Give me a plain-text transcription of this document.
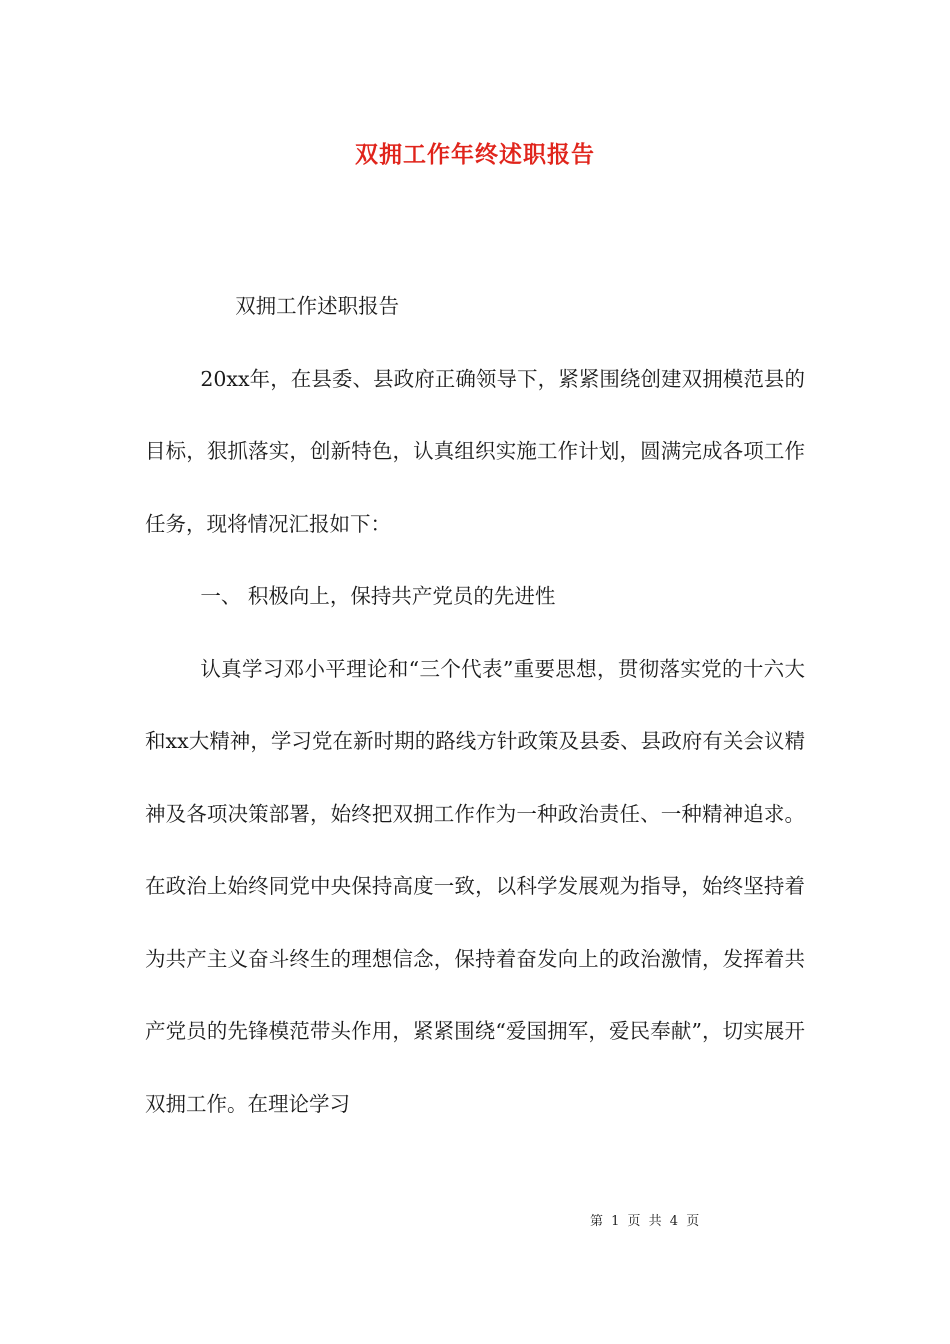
双拥工作年终述职报告

双拥工作述职报告

20xx年，在县委、县政府正确领导下，紧紧围绕创建双拥模范县的目标，狠抓落实，创新特色，认真组织实施工作计划，圆满完成各项工作任务，现将情况汇报如下：

一、 积极向上，保持共产党员的先进性

认真学习邓小平理论和“三个代表”重要思想，贯彻落实党的十六大和xx大精神，学习党在新时期的路线方针政策及县委、县政府有关会议精神及各项决策部署，始终把双拥工作作为一种政治责任、一种精神追求。在政治上始终同党中央保持高度一致，以科学发展观为指导，始终坚持着为共产主义奋斗终生的理想信念，保持着奋发向上的政治激情，发挥着共产党员的先锋模范带头作用，紧紧围绕“爱国拥军，爱民奉献”，切实展开双拥工作。在理论学习

第 1 页 共 4 页
